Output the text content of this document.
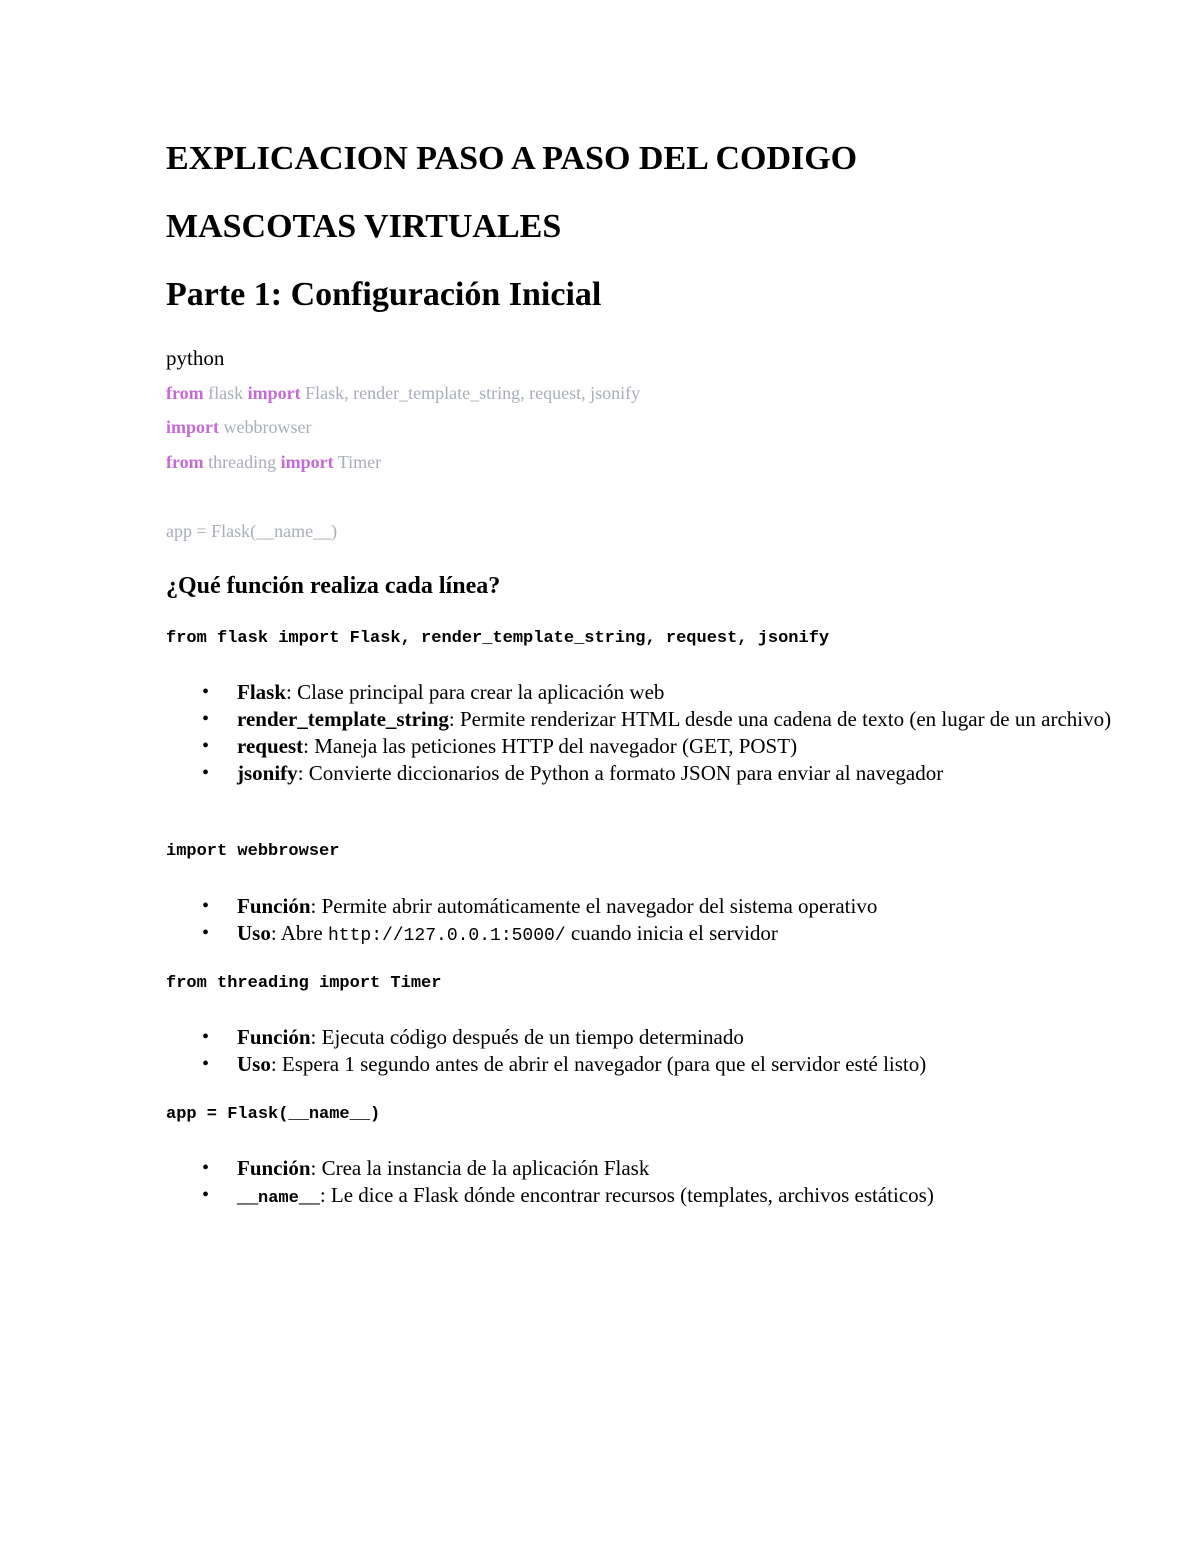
EXPLICACION PASO A PASO DEL CODIGO
MASCOTAS VIRTUALES
Parte 1: Configuración Inicial
python
from flask import Flask, render_template_string, request, jsonify
import webbrowser
from threading import Timer
app = Flask(__name__)
¿Qué función realiza cada línea?
from flask import Flask, render_template_string, request, jsonify
• Flask: Clase principal para crear la aplicación web
• render_template_string: Permite renderizar HTML desde una cadena de texto (en lugar de un archivo)
• request: Maneja las peticiones HTTP del navegador (GET, POST)
• jsonify: Convierte diccionarios de Python a formato JSON para enviar al navegador
import webbrowser
• Función: Permite abrir automáticamente el navegador del sistema operativo
• Uso: Abre http://127.0.0.1:5000/ cuando inicia el servidor
from threading import Timer
• Función: Ejecuta código después de un tiempo determinado
• Uso: Espera 1 segundo antes de abrir el navegador (para que el servidor esté listo)
app = Flask(__name__)
• Función: Crea la instancia de la aplicación Flask
• __name__: Le dice a Flask dónde encontrar recursos (templates, archivos estáticos)
